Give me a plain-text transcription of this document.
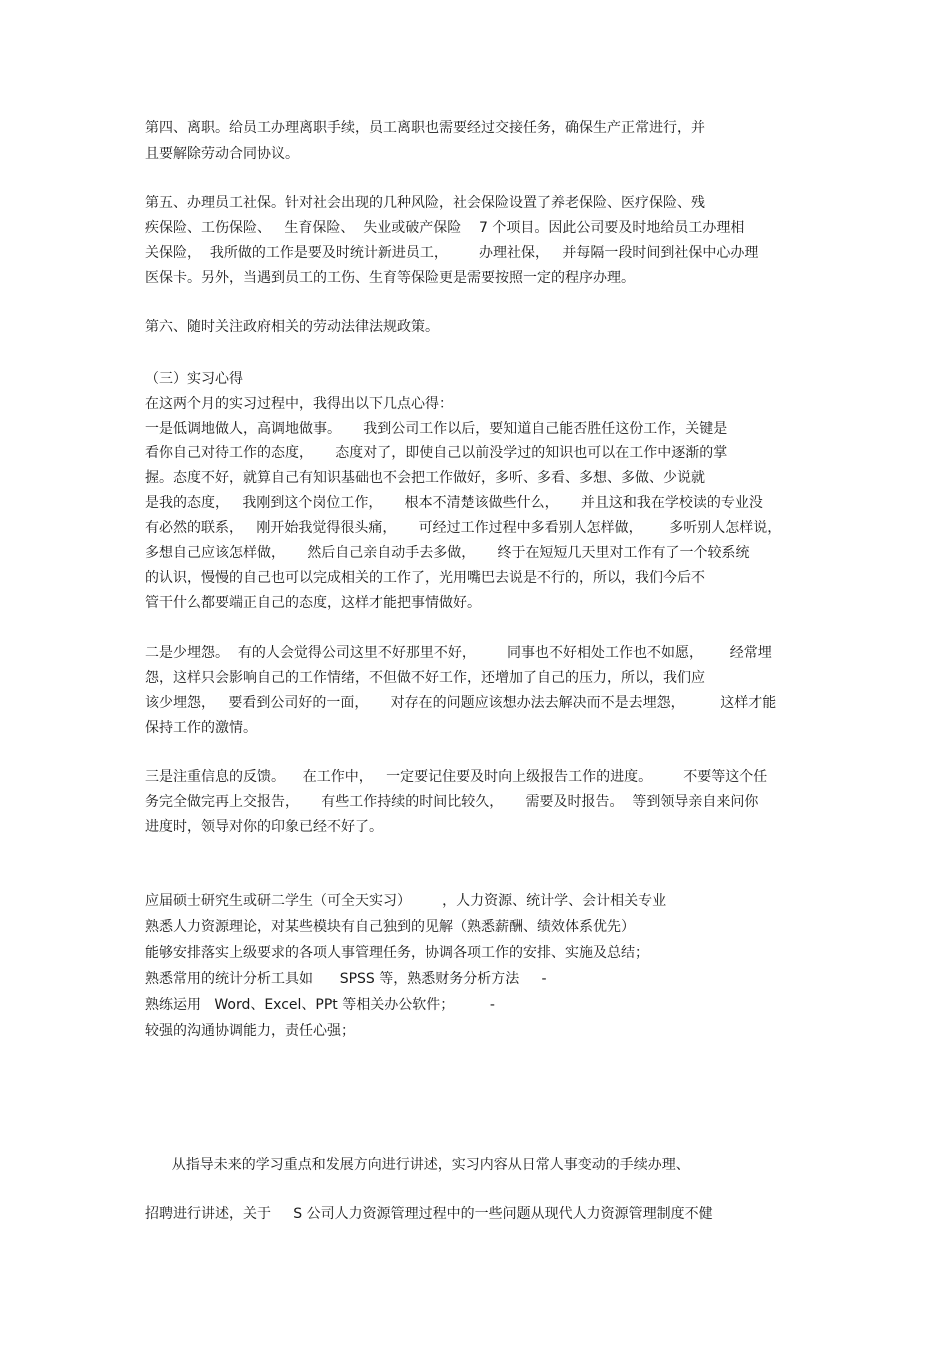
第四、离职。给员工办理离职手续，员工离职也需要经过交接任务，确保生产正常进行，并
且要解除劳动合同协议。
第五、办理员工社保。针对社会出现的几种风险，社会保险设置了养老保险、医疗保险、残
疾保险、工伤保险、   生育保险、  失业或破产保险    7 个项目。因此公司要及时地给员工办理相
关保险，  我所做的工作是要及时统计新进员工，       办理社保，   并每隔一段时间到社保中心办理
医保卡。另外，当遇到员工的工伤、生育等保险更是需要按照一定的程序办理。
第六、随时关注政府相关的劳动法律法规政策。
（三）实习心得
在这两个月的实习过程中，我得出以下几点心得：
一是低调地做人，高调地做事。     我到公司工作以后，要知道自己能否胜任这份工作，关键是
看你自己对待工作的态度，     态度对了，即使自己以前没学过的知识也可以在工作中逐渐的掌
握。态度不好，就算自己有知识基础也不会把工作做好，多听、多看、多想、多做、少说就
是我的态度，   我刚到这个岗位工作，     根本不清楚该做些什么，     并且这和我在学校读的专业没
有必然的联系，   刚开始我觉得很头痛，     可经过工作过程中多看别人怎样做，      多听别人怎样说，
多想自己应该怎样做，     然后自己亲自动手去多做，     终于在短短几天里对工作有了一个较系统
的认识，慢慢的自己也可以完成相关的工作了，光用嘴巴去说是不行的，所以，我们今后不
管干什么都要端正自己的态度，这样才能把事情做好。
二是少埋怨。  有的人会觉得公司这里不好那里不好，       同事也不好相处工作也不如愿，      经常埋
怨，这样只会影响自己的工作情绪，不但做不好工作，还增加了自己的压力，所以，我们应
该少埋怨，   要看到公司好的一面，     对存在的问题应该想办法去解决而不是去埋怨，        这样才能
保持工作的激情。
三是注重信息的反馈。    在工作中，   一定要记住要及时向上级报告工作的进度。       不要等这个任
务完全做完再上交报告，     有些工作持续的时间比较久，     需要及时报告。  等到领导亲自来问你
进度时，领导对你的印象已经不好了。
应届硕士研究生或研二学生（可全天实习）       ，人力资源、统计学、会计相关专业
熟悉人力资源理论，对某些模块有自己独到的见解（熟悉薪酬、绩效体系优先）
能够安排落实上级要求的各项人事管理任务，协调各项工作的安排、实施及总结；
熟悉常用的统计分析工具如      SPSS 等，熟悉财务分析方法     -
熟练运用   Word、Excel、PPt 等相关办公软件；        -
较强的沟通协调能力，责任心强；
从指导未来的学习重点和发展方向进行讲述，实习内容从日常人事变动的手续办理、
招聘进行讲述，关于     S 公司人力资源管理过程中的一些问题从现代人力资源管理制度不健
